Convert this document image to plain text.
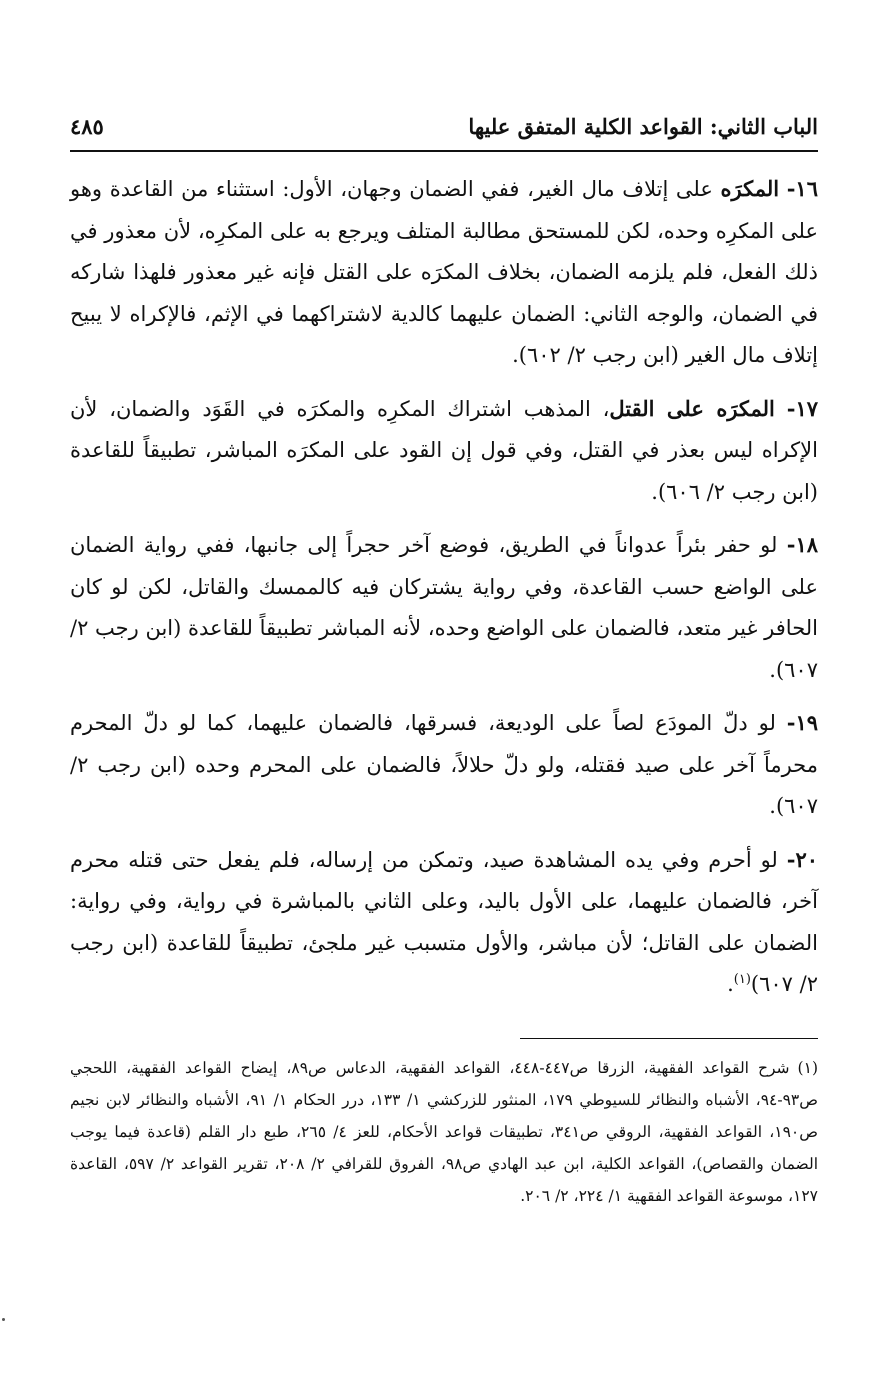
الباب الثاني: القواعد الكلية المتفق عليها
٤٨٥

١٦- المكرَه على إتلاف مال الغير، ففي الضمان وجهان، الأول: استثناء من القاعدة وهو على المكرِه وحده، لكن للمستحق مطالبة المتلف ويرجع به على المكرِه، لأن معذور في ذلك الفعل، فلم يلزمه الضمان، بخلاف المكرَه على القتل فإنه غير معذور فلهذا شاركه في الضمان، والوجه الثاني: الضمان عليهما كالدية لاشتراكهما في الإثم، فالإكراه لا يبيح إتلاف مال الغير (ابن رجب ٢/ ٦٠٢).

١٧- المكرَه على القتل، المذهب اشتراك المكرِه والمكرَه في القَوَد والضمان، لأن الإكراه ليس بعذر في القتل، وفي قول إن القود على المكرَه المباشر، تطبيقاً للقاعدة (ابن رجب ٢/ ٦٠٦).

١٨- لو حفر بئراً عدواناً في الطريق، فوضع آخر حجراً إلى جانبها، ففي رواية الضمان على الواضع حسب القاعدة، وفي رواية يشتركان فيه كالممسك والقاتل، لكن لو كان الحافر غير متعد، فالضمان على الواضع وحده، لأنه المباشر تطبيقاً للقاعدة (ابن رجب ٢/ ٦٠٧).

١٩- لو دلّ المودَع لصاً على الوديعة، فسرقها، فالضمان عليهما، كما لو دلّ المحرم محرماً آخر على صيد فقتله، ولو دلّ حلالاً، فالضمان على المحرم وحده (ابن رجب ٢/ ٦٠٧).

٢٠- لو أحرم وفي يده المشاهدة صيد، وتمكن من إرساله، فلم يفعل حتى قتله محرم آخر، فالضمان عليهما، على الأول باليد، وعلى الثاني بالمباشرة في رواية، وفي رواية: الضمان على القاتل؛ لأن مباشر، والأول متسبب غير ملجئ، تطبيقاً للقاعدة (ابن رجب ٢/ ٦٠٧)$^{(١)}$.

(١)شرح القواعد الفقهية، الزرقا ص٤٤٧-٤٤٨، القواعد الفقهية، الدعاس ص٨٩، إيضاح القواعد الفقهية، اللحجي ص٩٣-٩٤، الأشباه والنظائر للسيوطي ١٧٩، المنثور للزركشي ١/ ١٣٣، درر الحكام ١/ ٩١، الأشباه والنظائر لابن نجيم ص١٩٠، القواعد الفقهية، الروقي ص٣٤١، تطبيقات قواعد الأحكام، للعز ٤/ ٢٦٥، طبع دار القلم (قاعدة فيما يوجب الضمان والقصاص)، القواعد الكلية، ابن عبد الهادي ص٩٨، الفروق للقرافي ٢/ ٢٠٨، تقرير القواعد ٢/ ٥٩٧، القاعدة ١٢٧، موسوعة القواعد الفقهية ١/ ٢٢٤، ٢/ ٢٠٦.
